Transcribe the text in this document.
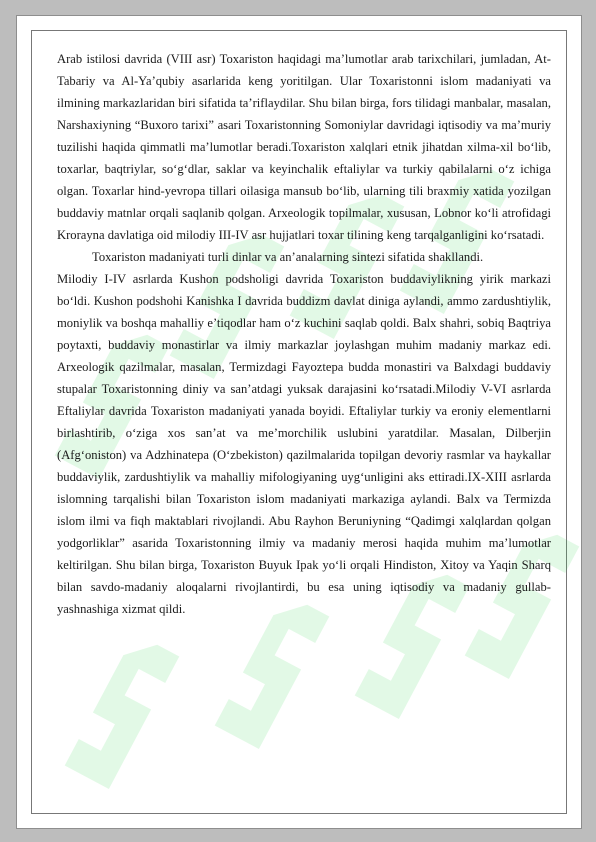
Arab istilosi davrida (VIII asr) Toxariston haqidagi ma’lumotlar arab tarixchilari, jumladan, At-Tabariy va Al-Ya’qubiy asarlarida keng yoritilgan. Ular Toxaristonni islom madaniyati va ilmining markazlaridan biri sifatida ta’riflaydilar. Shu bilan birga, fors tilidagi manbalar, masalan, Narshaxiyning “Buxoro tarixi” asari Toxaristonning Somoniylar davridagi iqtisodiy va ma’muriy tuzilishi haqida qimmatli ma’lumotlar beradi.Toxariston xalqlari etnik jihatdan xilma-xil bo‘lib, toxarlar, baqtriylar, so‘g‘dlar, saklar va keyinchalik eftaliylar va turkiy qabilalarni o‘z ichiga olgan. Toxarlar hind-yevropa tillari oilasiga mansub bo‘lib, ularning tili braxmiy xatida yozilgan buddaviy matnlar orqali saqlanib qolgan. Arxeologik topilmalar, xususan, Lobnor ko‘li atrofidagi Krorayna davlatiga oid milodiy III-IV asr hujjatlari toxar tilining keng tarqalganligini ko‘rsatadi.

Toxariston madaniyati turli dinlar va an’analarning sintezi sifatida shakllandi.

Milodiy I-IV asrlarda Kushon podsholigi davrida Toxariston buddaviylikning yirik markazi bo‘ldi. Kushon podshohi Kanishka I davrida buddizm davlat diniga aylandi, ammo zardushtiylik, moniylik va boshqa mahalliy e’tiqodlar ham o‘z kuchini saqlab qoldi. Balx shahri, sobiq Baqtriya poytaxti, buddaviy monastirlar va ilmiy markazlar joylashgan muhim madaniy markaz edi. Arxeologik qazilmalar, masalan, Termizdagi Fayoztepa budda monastiri va Balxdagi buddaviy stupalar Toxaristonning diniy va san’atdagi yuksak darajasini ko‘rsatadi.Milodiy V-VI asrlarda Eftaliylar davrida Toxariston madaniyati yanada boyidi. Eftaliylar turkiy va eroniy elementlarni birlashtirib, o‘ziga xos san’at va me’morchilik uslubini yaratdilar. Masalan, Dilberjin (Afg‘oniston) va Adzhinatepa (O‘zbekiston) qazilmalarida topilgan devoriy rasmlar va haykallar buddaviylik, zardushtiylik va mahalliy mifologiyaning uyg‘unligini aks ettiradi.IX-XIII asrlarda islomning tarqalishi bilan Toxariston islom madaniyati markaziga aylandi. Balx va Termizda islom ilmi va fiqh maktablari rivojlandi. Abu Rayhon Beruniyning “Qadimgi xalqlardan qolgan yodgorliklar” asarida Toxaristonning ilmiy va madaniy merosi haqida muhim ma’lumotlar keltirilgan. Shu bilan birga, Toxariston Buyuk Ipak yo‘li orqali Hindiston, Xitoy va Yaqin Sharq bilan savdo-madaniy aloqalarni rivojlantirdi, bu esa uning iqtisodiy va madaniy gullab-yashnashiga xizmat qildi.
